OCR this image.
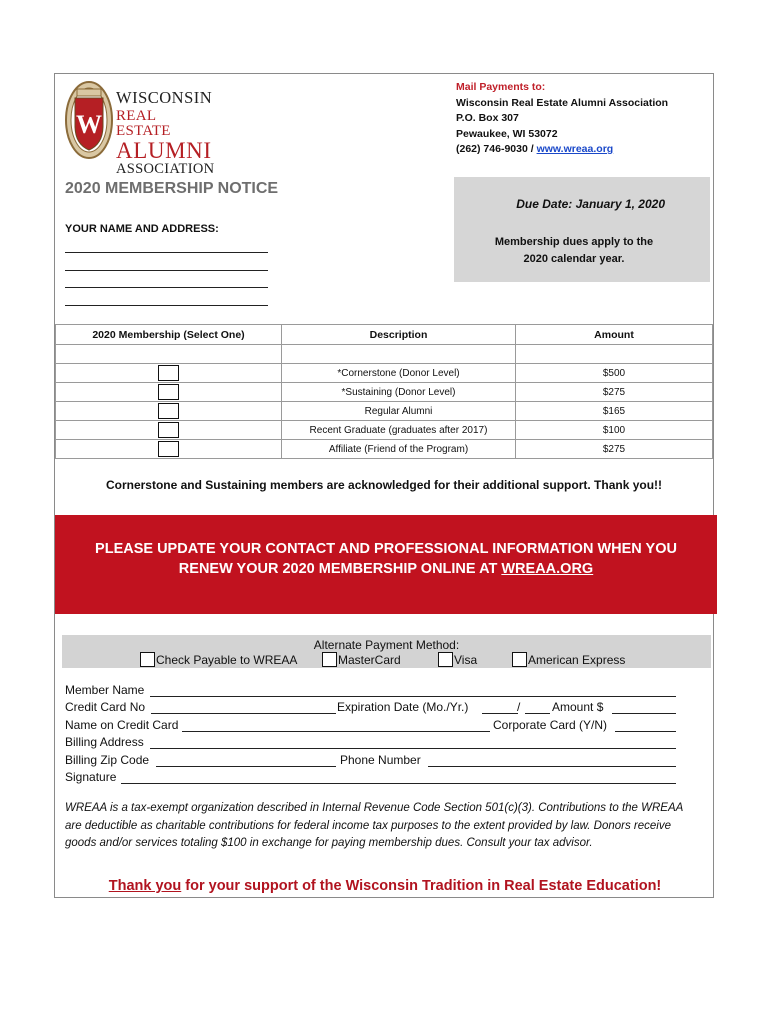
W
WISCONSIN
REAL ESTATE
ALUMNI
ASSOCIATION
Mail Payments to:
Wisconsin Real Estate Alumni Association
P.O. Box 307
Pewaukee, WI 53072
(262) 746-9030 / www.wreaa.org
2020 MEMBERSHIP NOTICE
YOUR NAME AND ADDRESS:
Due Date: January 1, 2020
Membership dues apply to the 2020 calendar year.
2020 Membership (Select One)	Description	Amount

	*Cornerstone (Donor Level)	$500
	*Sustaining (Donor Level)	$275
	Regular Alumni	$165
	Recent Graduate (graduates after 2017)	$100
	Affiliate (Friend of the Program)	$275
Cornerstone and Sustaining members are acknowledged for their additional support. Thank you!!
PLEASE UPDATE YOUR CONTACT AND PROFESSIONAL INFORMATION WHEN YOU
RENEW YOUR 2020 MEMBERSHIP ONLINE AT WREAA.ORG
Alternate Payment Method:
Check Payable to WREAA	MasterCard	Visa	American Express
Member Name
Credit Card No	Expiration Date (Mo./Yr.)	/	Amount $
Name on Credit Card	Corporate Card (Y/N)
Billing Address
Billing Zip Code	Phone Number
Signature
WREAA is a tax-exempt organization described in Internal Revenue Code Section 501(c)(3). Contributions to the WREAA are deductible as charitable contributions for federal income tax purposes to the extent provided by law. Donors receive goods and/or services totaling $100 in exchange for paying membership dues. Consult your tax advisor.
Thank you for your support of the Wisconsin Tradition in Real Estate Education!
